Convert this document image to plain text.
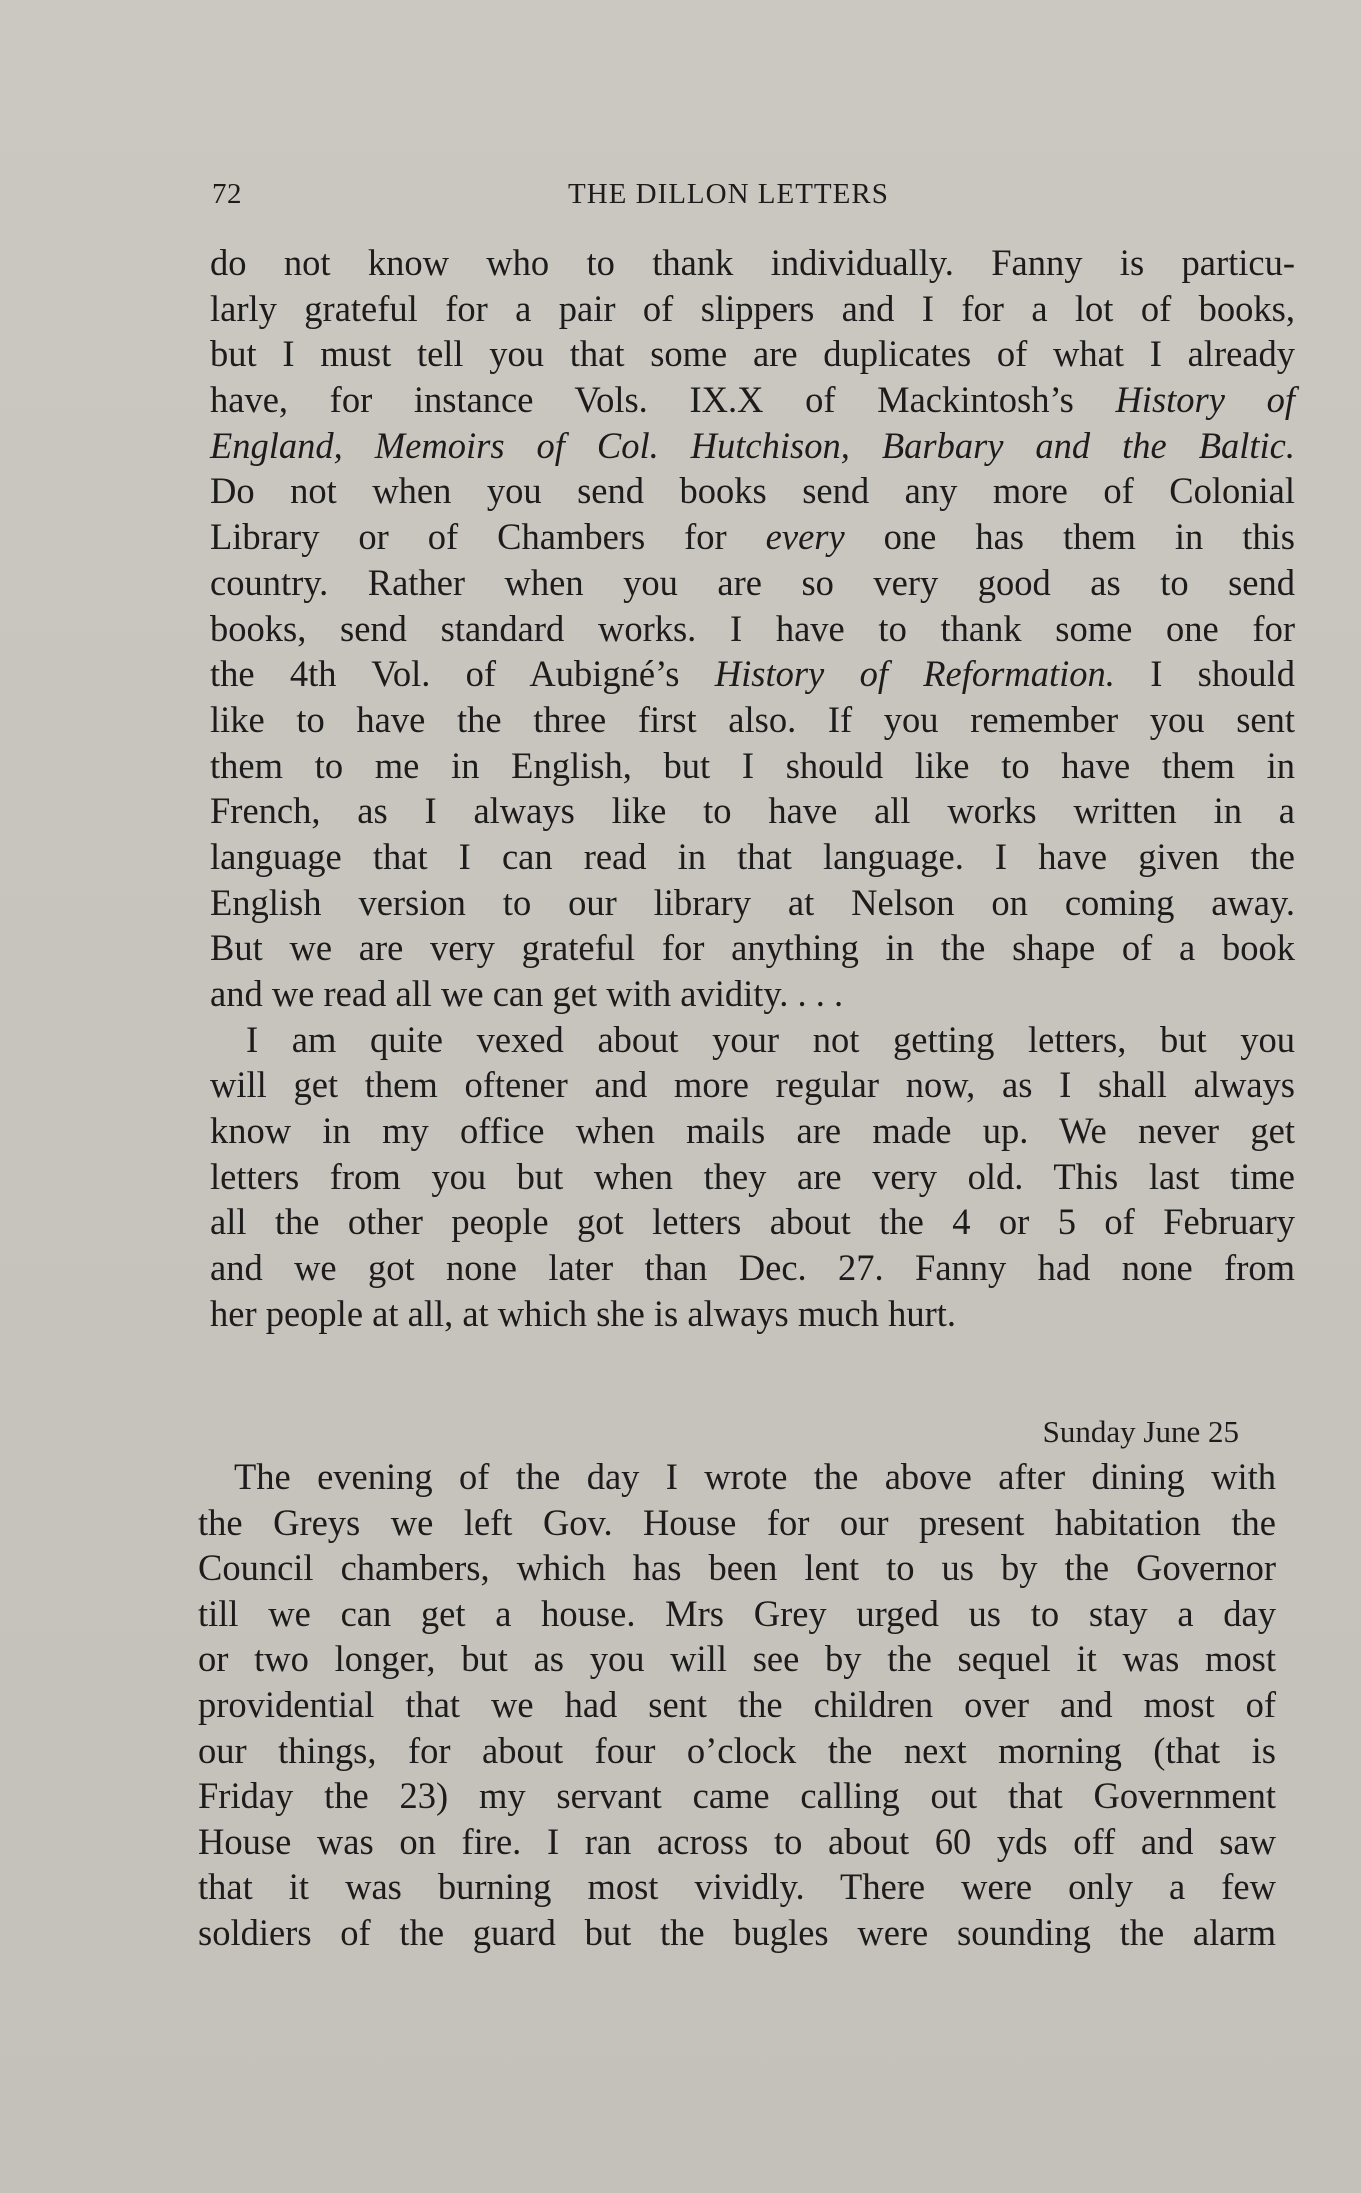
72	THE DILLON LETTERS
do not know who to thank individually. Fanny is particu-
larly grateful for a pair of slippers and I for a lot of books,
but I must tell you that some are duplicates of what I already
have, for instance Vols. IX.X of Mackintosh’s History of
England, Memoirs of Col. Hutchison, Barbary and the Baltic.
Do not when you send books send any more of Colonial
Library or of Chambers for every one has them in this
country. Rather when you are so very good as to send
books, send standard works. I have to thank some one for
the 4th Vol. of Aubigné’s History of Reformation. I should
like to have the three first also. If you remember you sent
them to me in English, but I should like to have them in
French, as I always like to have all works written in a
language that I can read in that language. I have given the
English version to our library at Nelson on coming away.
But we are very grateful for anything in the shape of a book
and we read all we can get with avidity. . . .
I am quite vexed about your not getting letters, but you
will get them oftener and more regular now, as I shall always
know in my office when mails are made up. We never get
letters from you but when they are very old. This last time
all the other people got letters about the 4 or 5 of February
and we got none later than Dec. 27. Fanny had none from
her people at all, at which she is always much hurt.
Sunday June 25
The evening of the day I wrote the above after dining with
the Greys we left Gov. House for our present habitation the
Council chambers, which has been lent to us by the Governor
till we can get a house. Mrs Grey urged us to stay a day
or two longer, but as you will see by the sequel it was most
providential that we had sent the children over and most of
our things, for about four o’clock the next morning (that is
Friday the 23) my servant came calling out that Government
House was on fire. I ran across to about 60 yds off and saw
that it was burning most vividly. There were only a few
soldiers of the guard but the bugles were sounding the alarm
